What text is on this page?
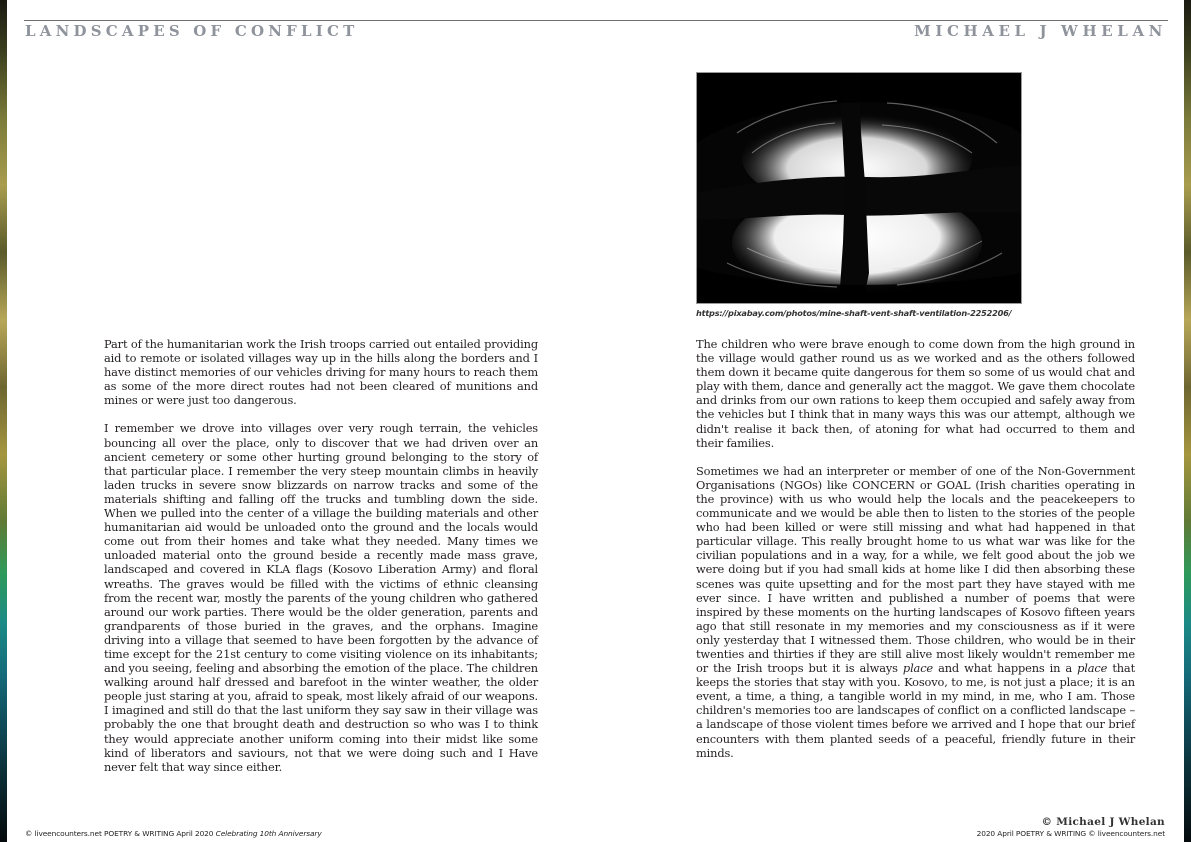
LANDSCAPES OF CONFLICT	MICHAEL J WHELAN
https://pixabay.com/photos/mine-shaft-vent-shaft-ventilation-2252206/

Part of the humanitarian work the Irish troops carried out entailed providing aid to remote or isolated villages way up in the hills along the borders and I have distinct memories of our vehicles driving for many hours to reach them as some of the more direct routes had not been cleared of munitions and mines or were just too dangerous.

I remember we drove into villages over very rough terrain, the vehicles bouncing all over the place, only to discover that we had driven over an ancient cemetery or some other hurting ground belonging to the story of that particular place. I remember the very steep mountain climbs in heavily laden trucks in severe snow blizzards on narrow tracks and some of the materials shifting and falling off the trucks and tumbling down the side. When we pulled into the center of a village the building materials and other humanitarian aid would be unloaded onto the ground and the locals would come out from their homes and take what they needed. Many times we unloaded material onto the ground beside a recently made mass grave, landscaped and covered in KLA flags (Kosovo Liberation Army) and floral wreaths. The graves would be filled with the victims of ethnic cleansing from the recent war, mostly the parents of the young children who gathered around our work parties. There would be the older generation, parents and grandparents of those buried in the graves, and the orphans. Imagine driving into a village that seemed to have been forgotten by the advance of time except for the 21st century to come visiting violence on its inhabitants; and you seeing, feeling and absorbing the emotion of the place. The children walking around half dressed and barefoot in the winter weather, the older people just staring at you, afraid to speak, most likely afraid of our weapons. I imagined and still do that the last uniform they say saw in their village was probably the one that brought death and destruction so who was I to think they would appreciate another uniform coming into their midst like some kind of liberators and saviours, not that we were doing such and I Have never felt that way since either.

The children who were brave enough to come down from the high ground in the village would gather round us as we worked and as the others followed them down it became quite dangerous for them so some of us would chat and play with them, dance and generally act the maggot. We gave them chocolate and drinks from our own rations to keep them occupied and safely away from the vehicles but I think that in many ways this was our attempt, although we didn't realise it back then, of atoning for what had occurred to them and their families.

Sometimes we had an interpreter or member of one of the Non-Government Organisations (NGOs) like CONCERN or GOAL (Irish charities operating in the province) with us who would help the locals and the peacekeepers to communicate and we would be able then to listen to the stories of the people who had been killed or were still missing and what had happened in that particular village. This really brought home to us what war was like for the civilian populations and in a way, for a while, we felt good about the job we were doing but if you had small kids at home like I did then absorbing these scenes was quite upsetting and for the most part they have stayed with me ever since. I have written and published a number of poems that were inspired by these moments on the hurting landscapes of Kosovo fifteen years ago that still resonate in my memories and my consciousness as if it were only yesterday that I witnessed them. Those children, who would be in their twenties and thirties if they are still alive most likely wouldn't remember me or the Irish troops but it is always place and what happens in a place that keeps the stories that stay with you. Kosovo, to me, is not just a place; it is an event, a time, a thing, a tangible world in my mind, in me, who I am. Those children's memories too are landscapes of conflict on a conflicted landscape – a landscape of those violent times before we arrived and I hope that our brief encounters with them planted seeds of a peaceful, friendly future in their minds.

© liveencounters.net POETRY & WRITING April 2020 Celebrating 10th Anniversary
© Michael J Whelan
2020 April POETRY & WRITING © liveencounters.net
